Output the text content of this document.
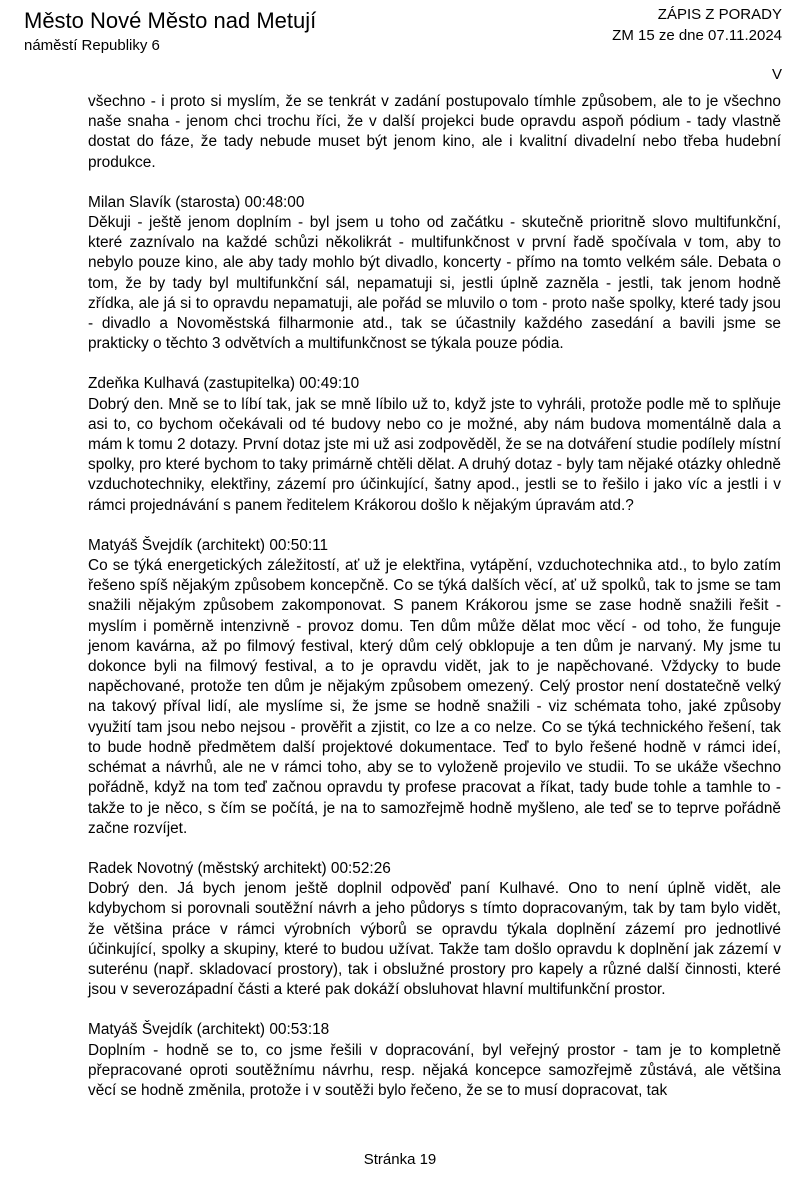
Město Nové Město nad Metují
náměstí Republiky 6
ZÁPIS Z PORADY
ZM 15 ze dne 07.11.2024
V

všechno - i proto si myslím, že se tenkrát v zadání postupovalo tímhle způsobem, ale to je všechno naše snaha - jenom chci trochu říci, že v další projekci bude opravdu aspoň pódium - tady vlastně dostat do fáze, že tady nebude muset být jenom kino, ale i kvalitní divadelní nebo třeba hudební produkce.

Milan Slavík (starosta) 00:48:00

Děkuji - ještě jenom doplním - byl jsem u toho od začátku - skutečně prioritně slovo multifunkční, které zaznívalo na každé schůzi několikrát - multifunkčnost v první řadě spočívala v tom, aby to nebylo pouze kino, ale aby tady mohlo být divadlo, koncerty - přímo na tomto velkém sále. Debata o tom, že by tady byl multifunkční sál, nepamatuji si, jestli úplně zazněla - jestli, tak jenom hodně zřídka, ale já si to opravdu nepamatuji, ale pořád se mluvilo o tom - proto naše spolky, které tady jsou - divadlo a Novoměstská filharmonie atd., tak se účastnily každého zasedání a bavili jsme se prakticky o těchto 3 odvětvích a multifunkčnost se týkala pouze pódia.

Zdeňka Kulhavá (zastupitelka) 00:49:10

Dobrý den. Mně se to líbí tak, jak se mně líbilo už to, když jste to vyhráli, protože podle mě to splňuje asi to, co bychom očekávali od té budovy nebo co je možné, aby nám budova momentálně dala a mám k tomu 2 dotazy. První dotaz jste mi už asi zodpověděl, že se na dotváření studie podílely místní spolky, pro které bychom to taky primárně chtěli dělat. A druhý dotaz - byly tam nějaké otázky ohledně vzduchotechniky, elektřiny, zázemí pro účinkující, šatny apod., jestli se to řešilo i jako víc a jestli i v rámci projednávání s panem ředitelem Krákorou došlo k nějakým úpravám atd.?

Matyáš Švejdík (architekt) 00:50:11

Co se týká energetických záležitostí, ať už je elektřina, vytápění, vzduchotechnika atd., to bylo zatím řešeno spíš nějakým způsobem koncepčně. Co se týká dalších věcí, ať už spolků, tak to jsme se tam snažili nějakým způsobem zakomponovat. S panem Krákorou jsme se zase hodně snažili řešit - myslím i poměrně intenzivně - provoz domu. Ten dům může dělat moc věcí - od toho, že funguje jenom kavárna, až po filmový festival, který dům celý obklopuje a ten dům je narvaný. My jsme tu dokonce byli na filmový festival, a to je opravdu vidět, jak to je napěchované. Vždycky to bude napěchované, protože ten dům je nějakým způsobem omezený. Celý prostor není dostatečně velký na takový příval lidí, ale myslíme si, že jsme se hodně snažili - viz schémata toho, jaké způsoby využití tam jsou nebo nejsou - prověřit a zjistit, co lze a co nelze. Co se týká technického řešení, tak to bude hodně předmětem další projektové dokumentace. Teď to bylo řešené hodně v rámci ideí, schémat a návrhů, ale ne v rámci toho, aby se to vyloženě projevilo ve studii. To se ukáže všechno pořádně, když na tom teď začnou opravdu ty profese pracovat a říkat, tady bude tohle a tamhle to - takže to je něco, s čím se počítá, je na to samozřejmě hodně myšleno, ale teď se to teprve pořádně začne rozvíjet.

Radek Novotný (městský architekt) 00:52:26

Dobrý den. Já bych jenom ještě doplnil odpověď paní Kulhavé. Ono to není úplně vidět, ale kdybychom si porovnali soutěžní návrh a jeho půdorys s tímto dopracovaným, tak by tam bylo vidět, že většina práce v rámci výrobních výborů se opravdu týkala doplnění zázemí pro jednotlivé účinkující, spolky a skupiny, které to budou užívat. Takže tam došlo opravdu k doplnění jak zázemí v suterénu (např. skladovací prostory), tak i obslužné prostory pro kapely a různé další činnosti, které jsou v severozápadní části a které pak dokáží obsluhovat hlavní multifunkční prostor.

Matyáš Švejdík (architekt) 00:53:18

Doplním - hodně se to, co jsme řešili v dopracování, byl veřejný prostor - tam je to kompletně přepracované oproti soutěžnímu návrhu, resp. nějaká koncepce samozřejmě zůstává, ale většina věcí se hodně změnila, protože i v soutěži bylo řečeno, že se to musí dopracovat, tak

Stránka 19
